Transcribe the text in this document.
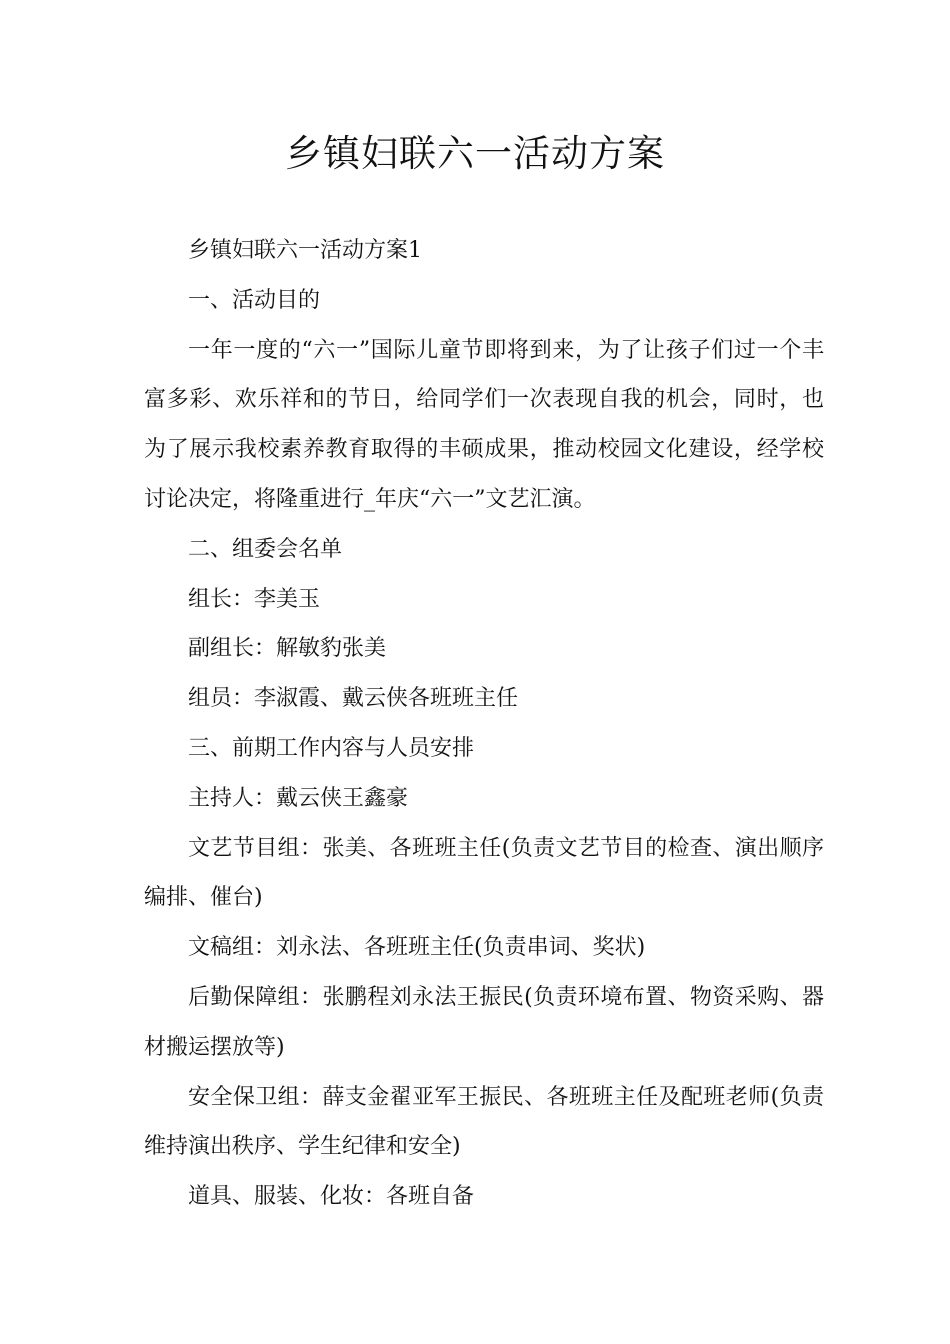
乡镇妇联六一活动方案

乡镇妇联六一活动方案1

一、活动目的

一年一度的“六一”国际儿童节即将到来，为了让孩子们过一个丰富多彩、欢乐祥和的节日，给同学们一次表现自我的机会，同时，也为了展示我校素养教育取得的丰硕成果，推动校园文化建设，经学校讨论决定，将隆重进行_年庆“六一”文艺汇演。

二、组委会名单

组长：李美玉

副组长：解敏豹张美

组员：李淑霞、戴云侠各班班主任

三、前期工作内容与人员安排

主持人：戴云侠王鑫豪

文艺节目组：张美、各班班主任(负责文艺节目的检查、演出顺序编排、催台)

文稿组：刘永法、各班班主任(负责串词、奖状)

后勤保障组：张鹏程刘永法王振民(负责环境布置、物资采购、器材搬运摆放等)

安全保卫组：薛支金翟亚军王振民、各班班主任及配班老师(负责维持演出秩序、学生纪律和安全)

道具、服装、化妆：各班自备
